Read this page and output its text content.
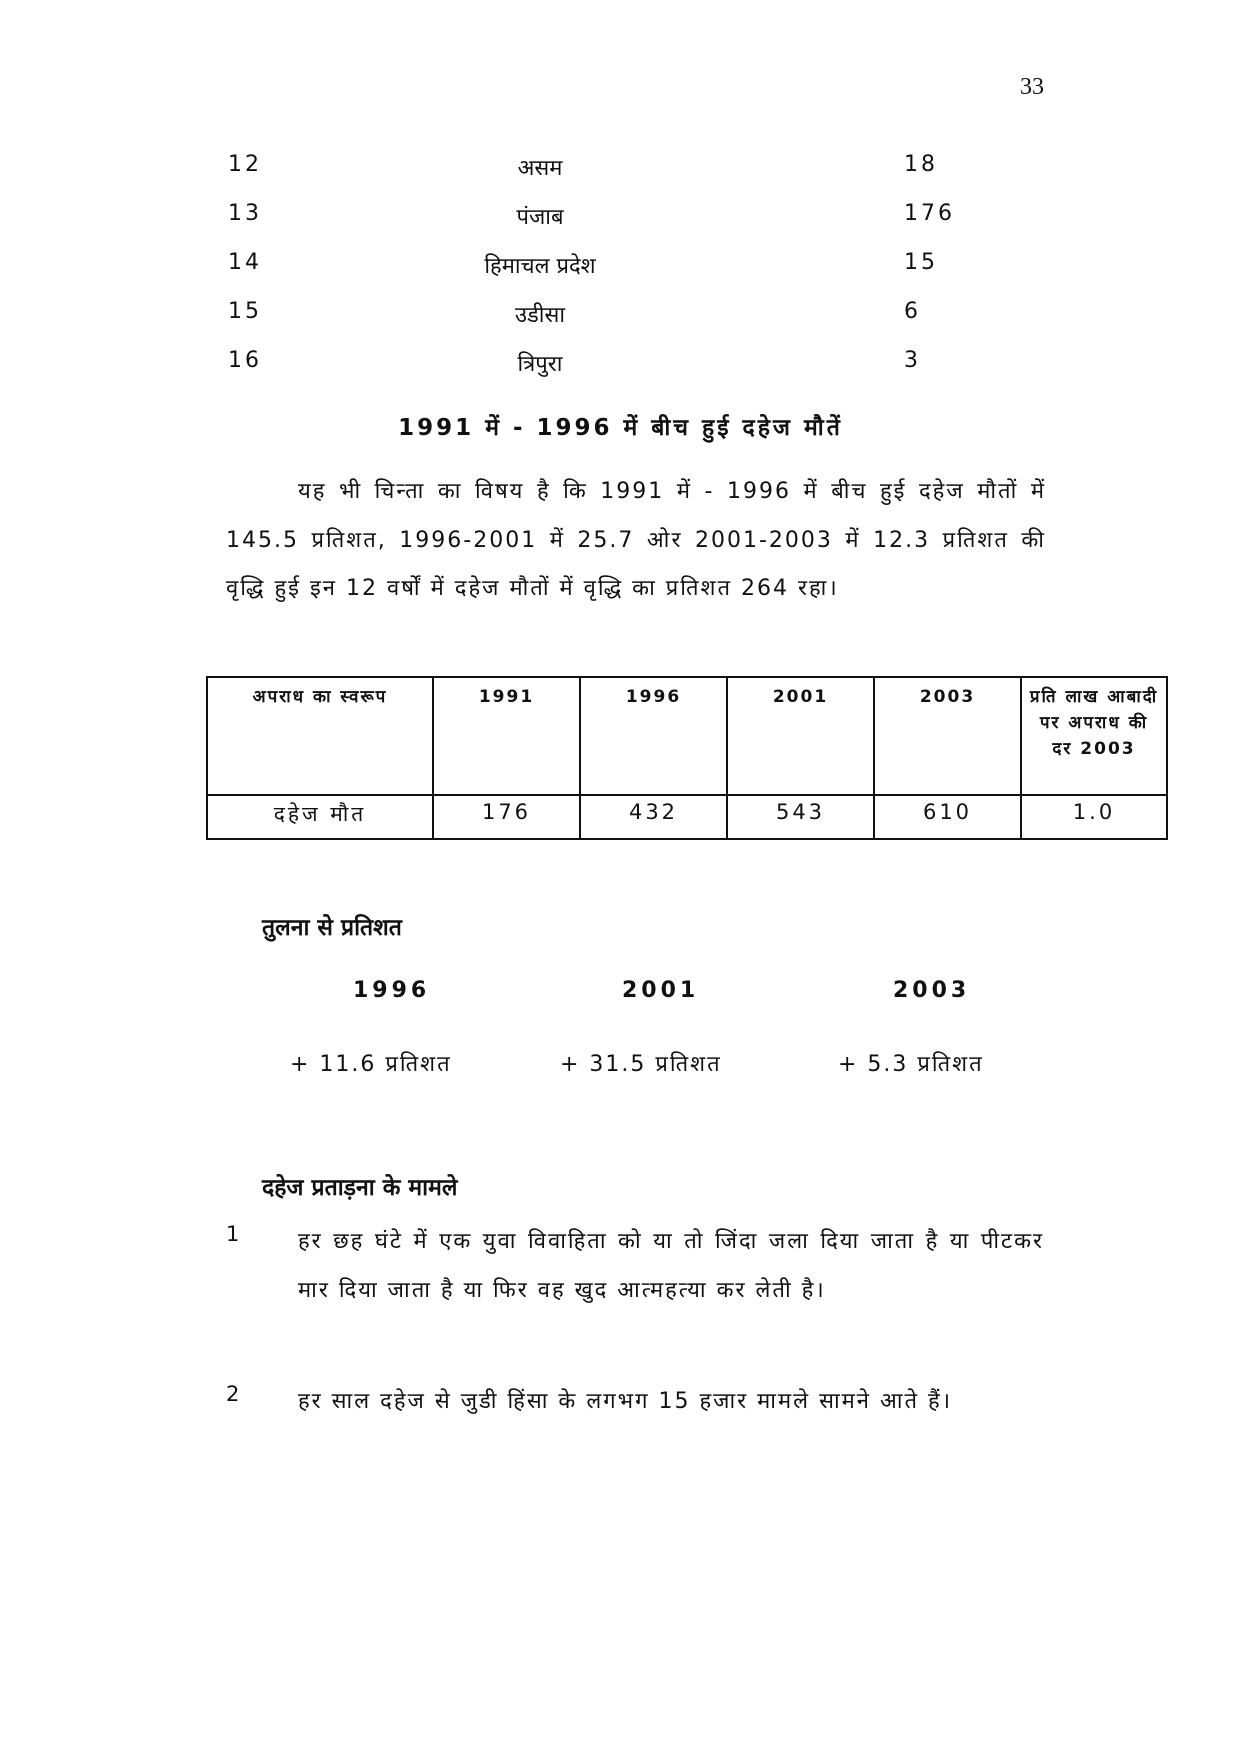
33
12	असम	18
13	पंजाब	176
14	हिमाचल प्रदेश	15
15	उडीसा	6
16	त्रिपुरा	3
1991 में - 1996 में बीच हुई दहेज मौतें

यह भी चिन्ता का विषय है कि 1991 में - 1996 में बीच हुई दहेज मौतों में 145.5 प्रतिशत, 1996-2001 में 25.7 ओर 2001-2003 में 12.3 प्रतिशत की वृद्धि हुई इन 12 वर्षों में दहेज मौतों में वृद्धि का प्रतिशत 264 रहा।

अपराध का स्वरूप	1991	1996	2001	2003	प्रति लाख आबादी पर अपराध की दर 2003
दहेज मौत	176	432	543	610	1.0
तुलना से प्रतिशत
1996	2001	2003
+ 11.6 प्रतिशत	+ 31.5 प्रतिशत	+ 5.3 प्रतिशत
दहेज प्रताड़ना के मामले
1	हर छह घंटे में एक युवा विवाहिता को या तो जिंदा जला दिया जाता है या पीटकर मार दिया जाता है या फिर वह खुद आत्महत्या कर लेती है।

2	हर साल दहेज से जुडी हिंसा के लगभग 15 हजार मामले सामने आते हैं।
